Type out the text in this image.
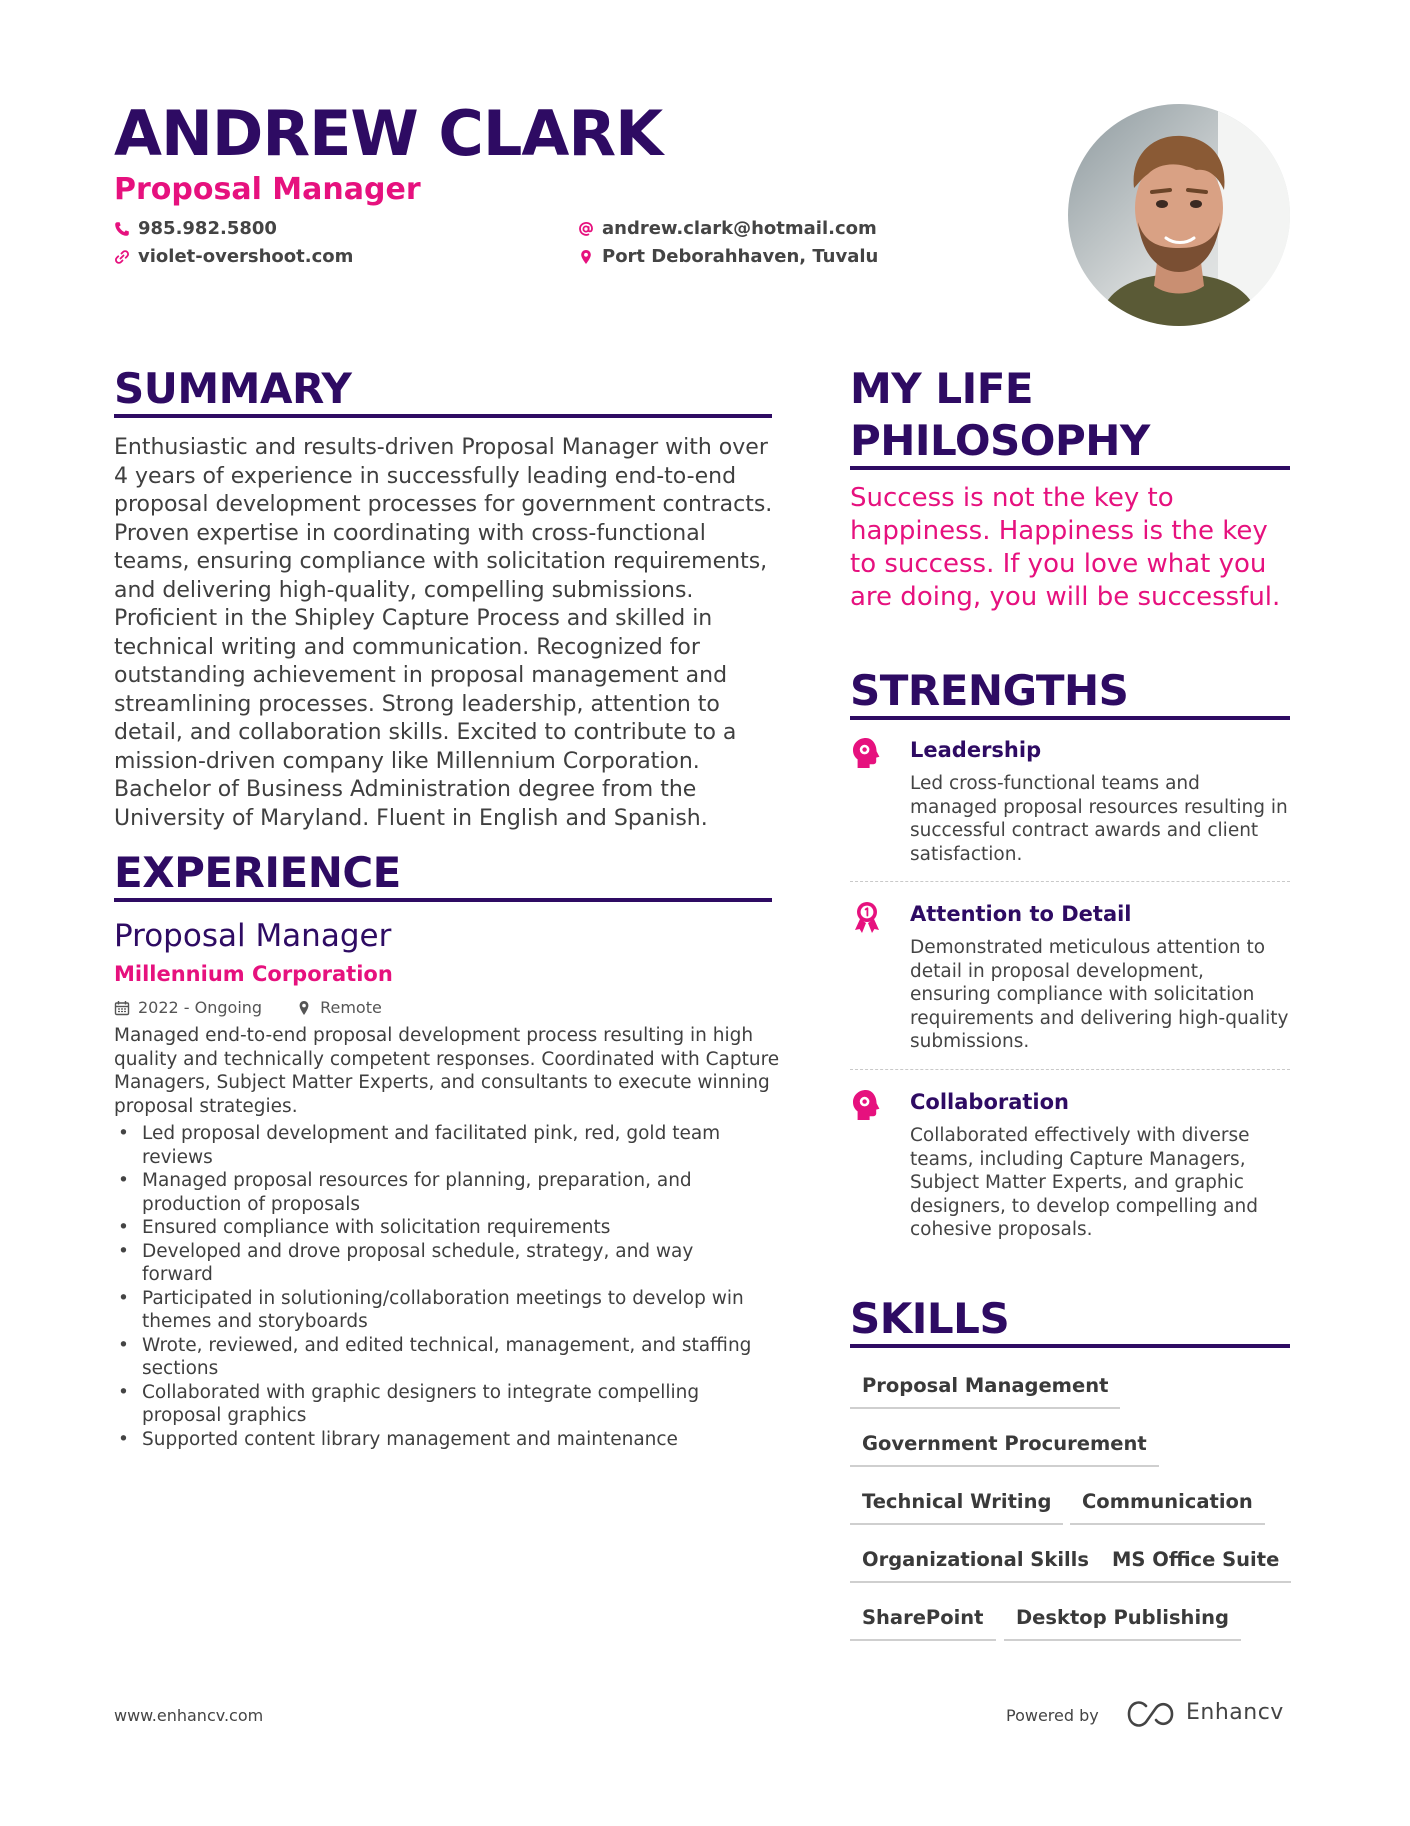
ANDREW CLARK
Proposal Manager
985.982.5800
violet-overshoot.com
andrew.clark@hotmail.com
Port Deborahhaven, Tuvalu
SUMMARY

Enthusiastic and results-driven Proposal Manager with over 4 years of experience in successfully leading end-to-end proposal development processes for government contracts. Proven expertise in coordinating with cross-functional teams, ensuring compliance with solicitation requirements, and delivering high-quality, compelling submissions. Proficient in the Shipley Capture Process and skilled in technical writing and communication. Recognized for outstanding achievement in proposal management and streamlining processes. Strong leadership, attention to detail, and collaboration skills. Excited to contribute to a mission-driven company like Millennium Corporation. Bachelor of Business Administration degree from the University of Maryland. Fluent in English and Spanish.

EXPERIENCE
Proposal Manager
Millennium Corporation
2022 - Ongoing	Remote

Managed end-to-end proposal development process resulting in high quality and technically competent responses. Coordinated with Capture Managers, Subject Matter Experts, and consultants to execute winning proposal strategies.

• Led proposal development and facilitated pink, red, gold team reviews
• Managed proposal resources for planning, preparation, and production of proposals
• Ensured compliance with solicitation requirements
• Developed and drove proposal schedule, strategy, and way forward
• Participated in solutioning/collaboration meetings to develop win themes and storyboards
• Wrote, reviewed, and edited technical, management, and staffing sections
• Collaborated with graphic designers to integrate compelling proposal graphics
• Supported content library management and maintenance
MY LIFE
PHILOSOPHY

Success is not the key to happiness. Happiness is the key to success. If you love what you are doing, you will be successful.

STRENGTHS
Leadership

Led cross-functional teams and managed proposal resources resulting in successful contract awards and client satisfaction.

Attention to Detail

Demonstrated meticulous attention to detail in proposal development, ensuring compliance with solicitation requirements and delivering high-quality submissions.

Collaboration

Collaborated effectively with diverse teams, including Capture Managers, Subject Matter Experts, and graphic designers, to develop compelling and cohesive proposals.

SKILLS
Proposal Management
Government Procurement
Technical Writing	Communication
Organizational Skills	MS Office Suite
SharePoint	Desktop Publishing
www.enhancv.com	Powered by	Enhancv
